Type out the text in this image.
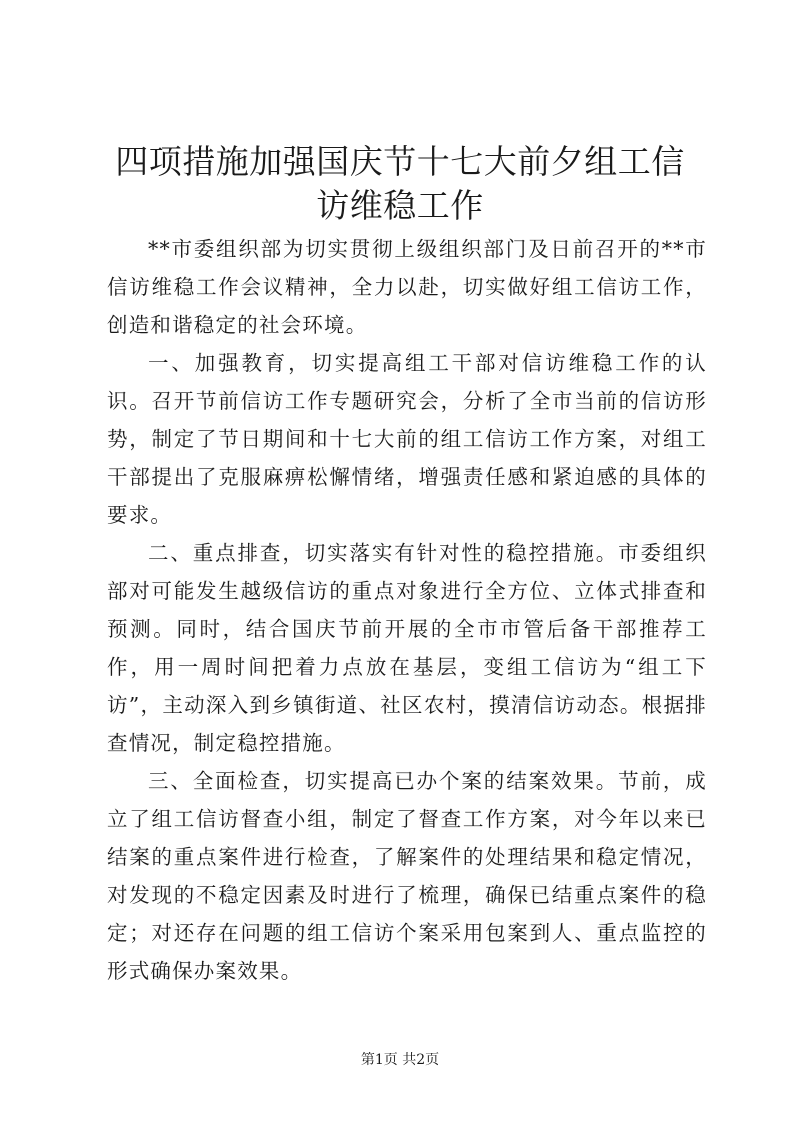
四项措施加强国庆节十七大前夕组工信访维稳工作

**市委组织部为切实贯彻上级组织部门及日前召开的**市信访维稳工作会议精神，全力以赴，切实做好组工信访工作，创造和谐稳定的社会环境。

一、加强教育，切实提高组工干部对信访维稳工作的认识。召开节前信访工作专题研究会，分析了全市当前的信访形势，制定了节日期间和十七大前的组工信访工作方案，对组工干部提出了克服麻痹松懈情绪，增强责任感和紧迫感的具体的要求。

二、重点排查，切实落实有针对性的稳控措施。市委组织部对可能发生越级信访的重点对象进行全方位、立体式排查和预测。同时，结合国庆节前开展的全市市管后备干部推荐工作，用一周时间把着力点放在基层，变组工信访为“组工下访”，主动深入到乡镇街道、社区农村，摸清信访动态。根据排查情况，制定稳控措施。

三、全面检查，切实提高已办个案的结案效果。节前，成立了组工信访督查小组，制定了督查工作方案，对今年以来已结案的重点案件进行检查，了解案件的处理结果和稳定情况，对发现的不稳定因素及时进行了梳理，确保已结重点案件的稳定；对还存在问题的组工信访个案采用包案到人、重点监控的形式确保办案效果。

第1页 共2页
